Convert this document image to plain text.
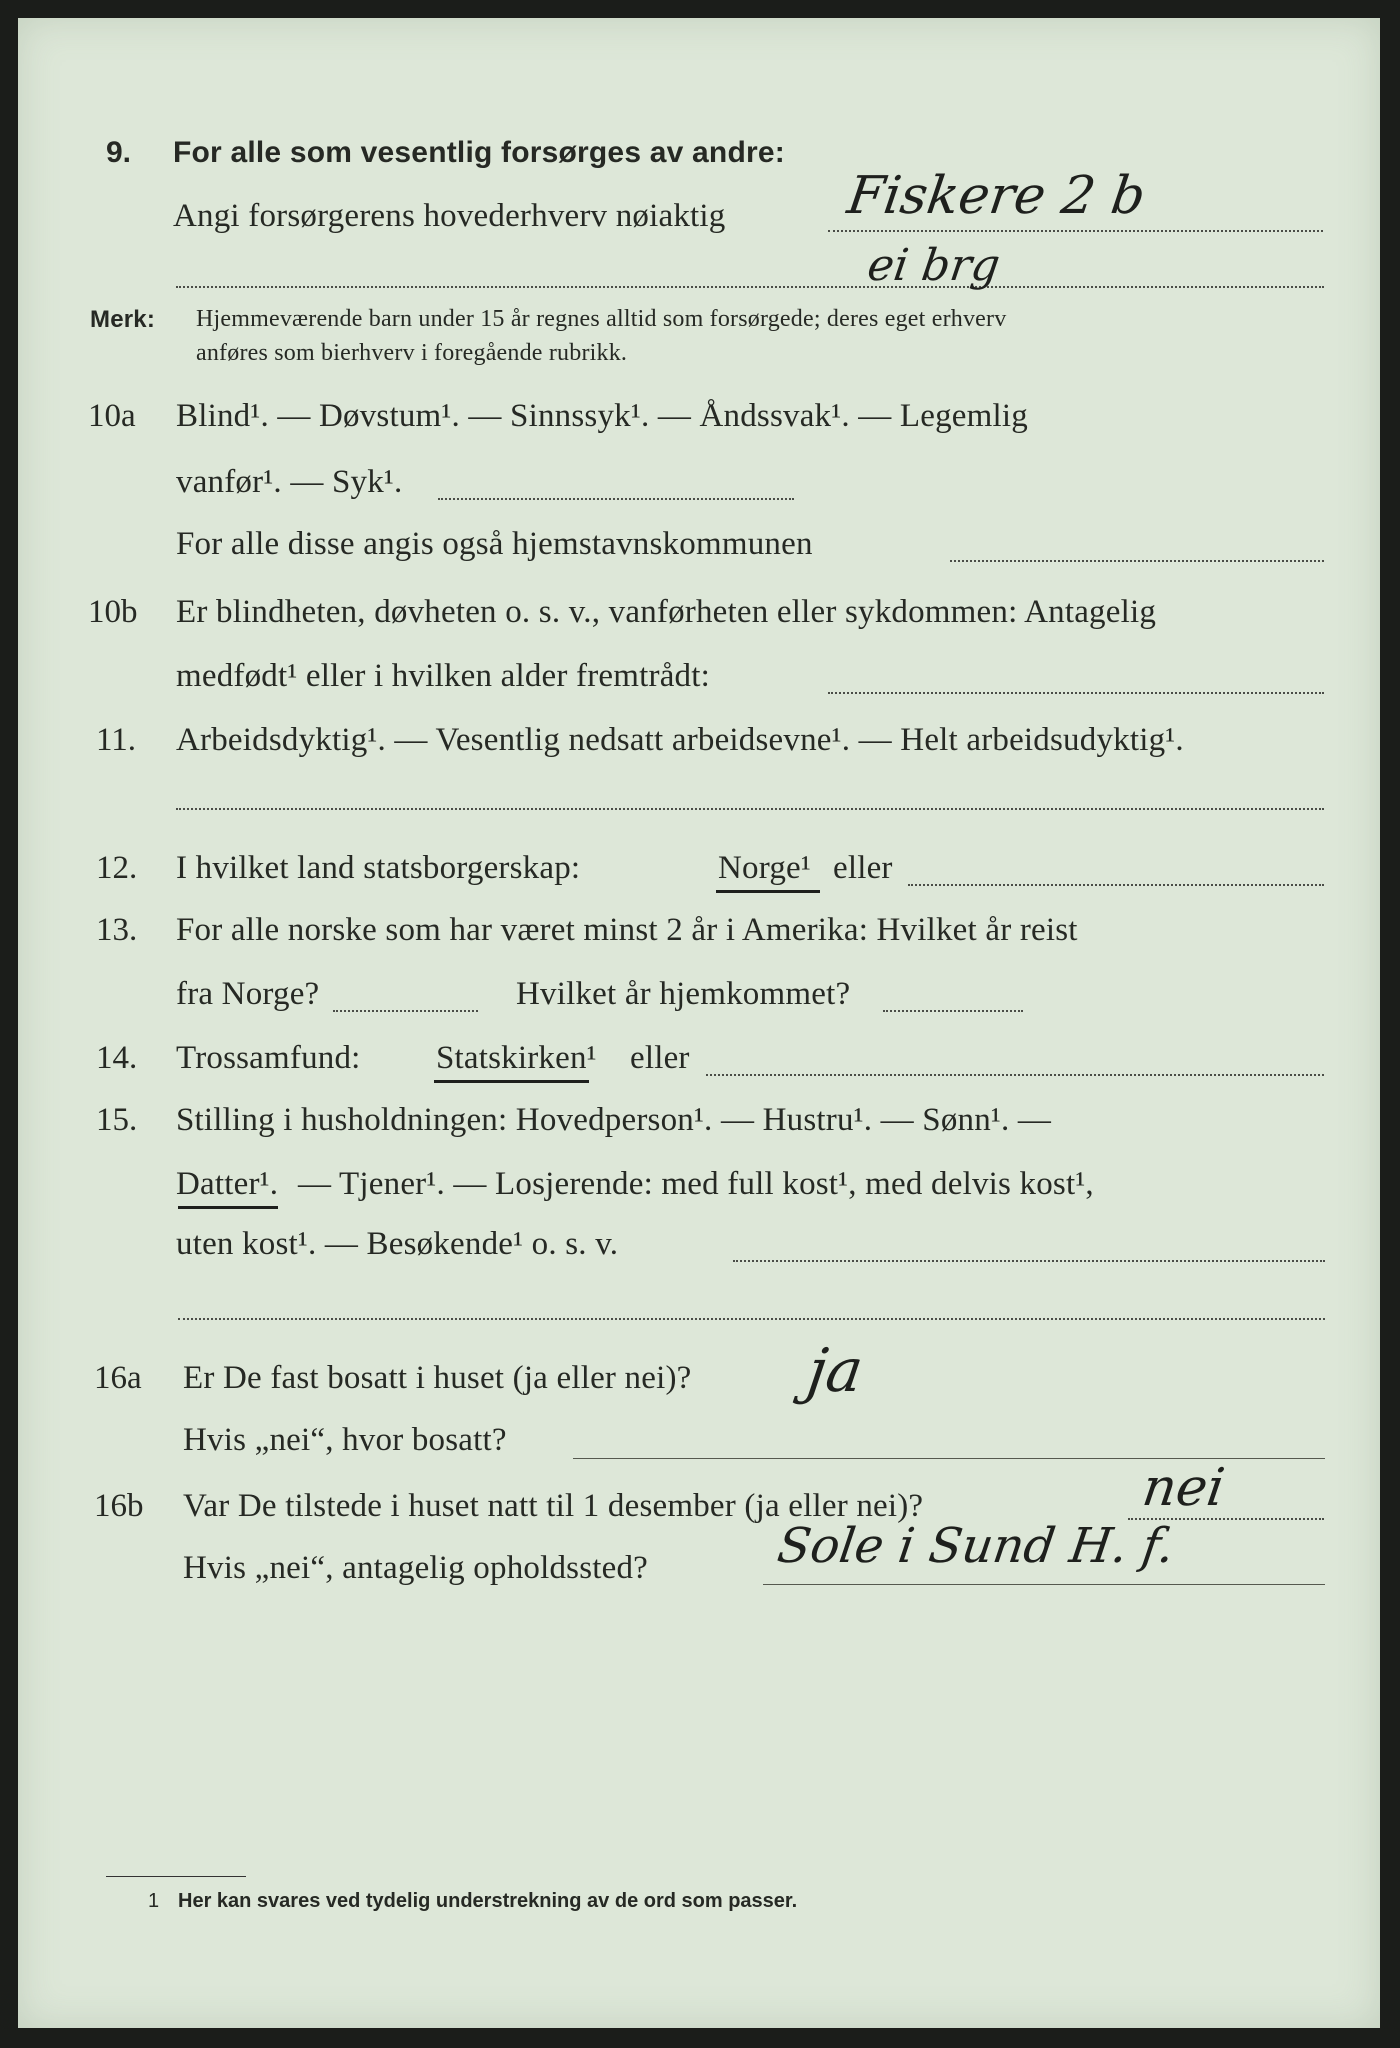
9. For alle som vesentlig forsørges av andre:
Angi forsørgerens hovederhverv nøiaktig Fiskere 2 b
ei brg
Merk: Hjemmeværende barn under 15 år regnes alltid som forsørgede; deres eget erhverv
anføres som bierhverv i foregående rubrikk.
10a Blind¹. — Døvstum¹. — Sinnssyk¹. — Åndssvak¹. — Legemlig
vanfør¹. — Syk¹.
For alle disse angis også hjemstavnskommunen
10b Er blindheten, døvheten o. s. v., vanførheten eller sykdommen: Antagelig
medfødt¹ eller i hvilken alder fremtrådt:
11. Arbeidsdyktig¹. — Vesentlig nedsatt arbeidsevne¹. — Helt arbeidsudyktig¹.
12. I hvilket land statsborgerskap:	Norge¹ eller
13. For alle norske som har været minst 2 år i Amerika: Hvilket år reist
fra Norge?	Hvilket år hjemkommet?
14. Trossamfund: Statskirken¹ eller
15. Stilling i husholdningen: Hovedperson¹. — Hustru¹. — Sønn¹. —
Datter¹. — Tjener¹. — Losjerende: med full kost¹, med delvis kost¹,
uten kost¹. — Besøkende¹ o. s. v.
16a Er De fast bosatt i huset (ja eller nei)? ja
Hvis „nei“, hvor bosatt?
16b Var De tilstede i huset natt til 1 desember (ja eller nei)?	nei
Hvis „nei“, antagelig opholdssted?	Sole i Sund H. f.
1 Her kan svares ved tydelig understrekning av de ord som passer.
